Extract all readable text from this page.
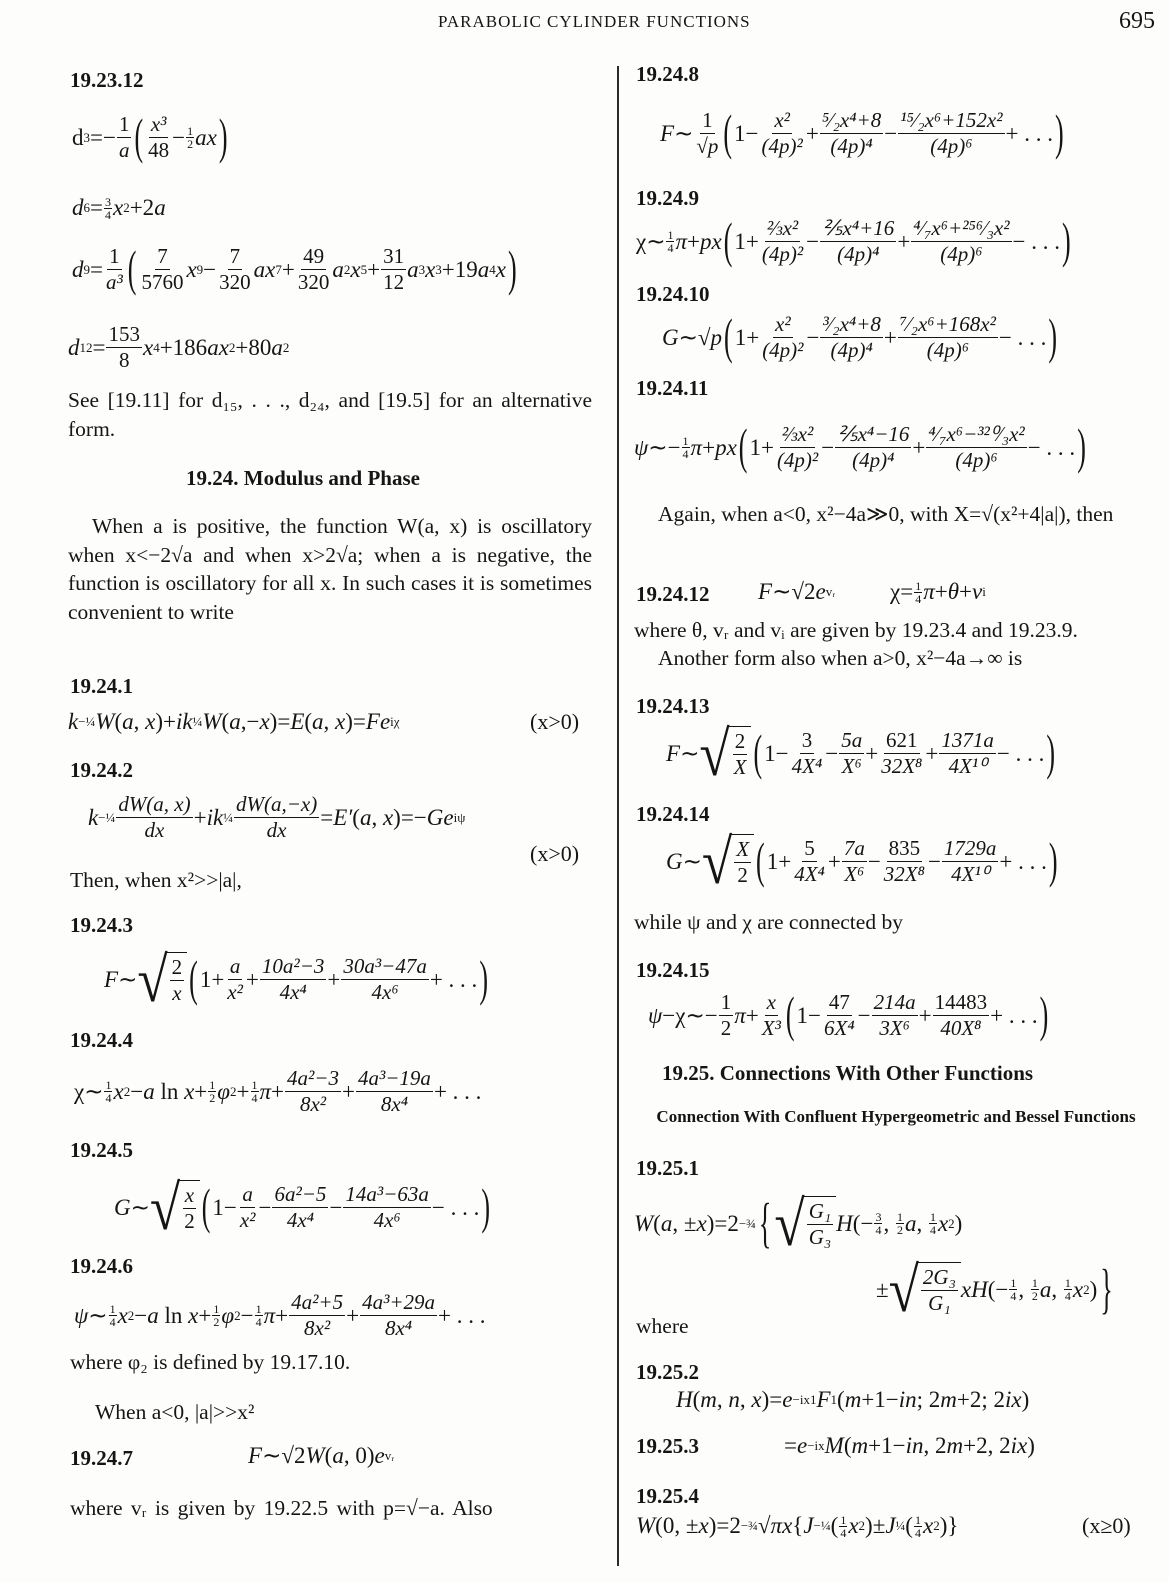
PARABOLIC CYLINDER FUNCTIONS	695
19.23.12
d $3 =- \frac{1}{a}$ ( $\frac{\text{x³}}{48} - \frac{1}{2}$ ax )
d $6 = \frac{3}{4}$ x 2 +2 a
d $9 = \frac{1}{\text{a³}}$ ( $\frac{7}{5760}$ x $9 - \frac{7}{320}$ ax $7 + \frac{49}{320}$ a 2 x $5 + \frac{31}{12}$ a 3 x 3 +19 a 4 x )
d $12 = \frac{153}{8}$ x 4 +186 ax 2 +80 a 2
See [19.11] for d₁₅, . . ., d₂₄, and [19.5] for an alternative form.
19.24. Modulus and Phase
When a is positive, the function W(a, x) is oscillatory when x<−2√a and when x>2√a; when a is negative, the function is oscillatory for all x. In such cases it is sometimes convenient to write
19.24.1
k −¼ W ( a , x )+ ik ¼ W ( a ,− x )= E ( a , x )= Fe iχ	(x>0)
19.24.2
k −¼ $\frac{dW(a, x)}{dx}$ + ik ¼ $\frac{dW(a,-x)}{dx} = E'$ ( a , x )=− Ge iψ
(x>0)
Then, when x²>>|a|,
19.24.3
F ∼ √ $\frac{2}{x}$ ( $1+ \frac{a}{\text{x²}} + \frac{\text{10a²−3}}{\text{4x⁴}} + \frac{\text{30a³−47a}}{\text{4x⁶}}$ + . . . )
19.24.4
χ∼ $\frac{1}{4}$ x 2 − a $\ln x + \frac{1}{2}$ φ $2 + \frac{1}{4}$ $\pi + \frac{\text{4a²−3}}{\text{8x²}} + \frac{\text{4a³−19a}}{\text{8x⁴}}$ + . . .
19.24.5
G ∼ √ $\frac{x}{2}$ ( $1- \frac{a}{\text{x²}} - \frac{\text{6a²−5}}{\text{4x⁴}} - \frac{\text{14a³−63a}}{\text{4x⁶}}$ − . . . )
19.24.6
ψ ∼ $\frac{1}{4}$ x 2 − a $\ln x + \frac{1}{2}$ φ $2 - \frac{1}{4}$ $\pi + \frac{\text{4a²+5}}{\text{8x²}} + \frac{\text{4a³+29a}}{\text{8x⁴}}$ + . . .
where φ₂ is defined by 19.17.10.
When a<0, |a|>>x²
19.24.7	F ∼√2 W ( a , 0) e vᵣ
where vᵣ is given by 19.22.5 with p=√−a. Also
19.24.8
F ∼ $\frac{1}{√p}$ ( $1- \frac{\text{x²}}{\text{(4p)²}} + \frac{\text{⁵⁄₂x⁴+8}}{\text{(4p)⁴}} - \frac{\text{¹⁵⁄₂x⁶+152x²}}{\text{(4p)⁶}}$ + . . . )
19.24.9
χ∼ $\frac{1}{4}$ π + px ( $1+ \frac{\text{⅔x²}}{\text{(4p)²}} - \frac{\text{⅖x⁴+16}}{\text{(4p)⁴}} + \frac{\text{⁴⁄₇x⁶+²⁵⁶⁄₃x²}}{\text{(4p)⁶}}$ − . . . )
19.24.10
G ∼√ p ( $1+ \frac{\text{x²}}{\text{(4p)²}} - \frac{\text{³⁄₂x⁴+8}}{\text{(4p)⁴}} + \frac{\text{⁷⁄₂x⁶+168x²}}{\text{(4p)⁶}}$ − . . . )
19.24.11
ψ ∼− $\frac{1}{4}$ π + px ( $1+ \frac{\text{⅔x²}}{\text{(4p)²}} - \frac{\text{⅖x⁴−16}}{\text{(4p)⁴}} + \frac{\text{⁴⁄₇x⁶−³²⁰⁄₃x²}}{\text{(4p)⁶}}$ − . . . )
Again, when a<0, x²−4a≫0, with X=√(x²+4|a|), then
19.24.12 F ∼√2 e vᵣ $\chi= \frac{1}{4}$ π + θ + v i
where θ, vᵣ and vᵢ are given by 19.23.4 and 19.23.9.
Another form also when a>0, x²−4a→∞ is
19.24.13
F ∼ √ $\frac{2}{X}$ ( $1- \frac{3}{\text{4X⁴}} - \frac{5a}{\text{X⁶}} + \frac{621}{\text{32X⁸}} + \frac{1371a}{\text{4X¹⁰}}$ − . . . )
19.24.14
G ∼ √ $\frac{X}{2}$ ( $1+ \frac{5}{\text{4X⁴}} + \frac{7a}{\text{X⁶}} - \frac{835}{\text{32X⁸}} - \frac{1729a}{\text{4X¹⁰}}$ + . . . )
while ψ and χ are connected by
19.24.15
ψ −χ∼− $\frac{1}{2}$ $\pi + \frac{x}{\text{X³}}$ ( $1- \frac{47}{\text{6X⁴}} - \frac{214a}{\text{3X⁶}} + \frac{14483}{\text{40X⁸}}$ + . . . )
19.25. Connections With Other Functions
Connection With Confluent Hypergeometric and Bessel Functions
19.25.1
W ( a , ± x )=2 −¾ { √ $\frac{\text{G₁}}{\text{G₃}}$ H (− $\frac{3}{4}$ , $\frac{1}{2}$ a , $\frac{1}{4}$ x 2 )
± √ $\frac{\text{2G₃}}{\text{G₁}}$ xH (− $\frac{1}{4}$ , $\frac{1}{2}$ a , $\frac{1}{4}$ x 2 ) }
where
19.25.2
H ( m , n , x )= e −ix 1 F 1 ( m +1− in ; 2 m +2; 2 ix )
19.25.3	= e −ix M ( m +1− in , 2 m +2, 2 ix )
19.25.4
W (0, ± x )=2 −¾ √ πx { J −¼ ( $\frac{1}{4}$ x 2 )± J ¼ ( $\frac{1}{4}$ x 2 )}	(x≥0)
